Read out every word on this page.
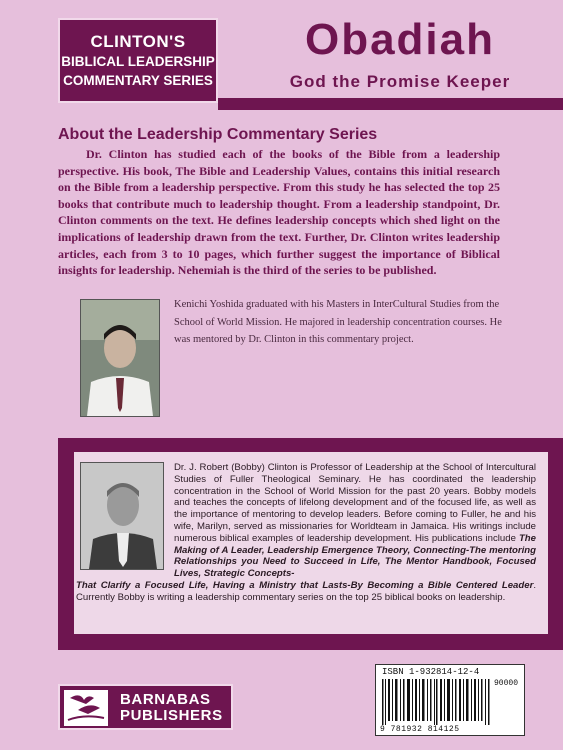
CLINTON'S
BIBLICAL LEADERSHIP
COMMENTARY SERIES
Obadiah
God the Promise Keeper
About the Leadership Commentary Series
Dr. Clinton has studied each of the books of the Bible from a leadership perspective. His book, The Bible and Leadership Values, contains this initial research on the Bible from a leadership perspective. From this study he has selected the top 25 books that contribute much to leadership thought. From a leadership standpoint, Dr. Clinton comments on the text. He defines leadership concepts which shed light on the implications of leadership drawn from the text. Further, Dr. Clinton writes leadership articles, each from 3 to 10 pages, which further suggest the importance of Biblical insights for leadership. Nehemiah is the third of the series to be published.
Kenichi Yoshida graduated with his Masters in InterCultural Studies from the School of World Mission. He majored in leadership concentration courses. He was mentored by Dr. Clinton in this commentary project.
Dr. J. Robert (Bobby) Clinton is Professor of Leadership at the School of Intercultural Studies of Fuller Theological Seminary. He has coordinated the leadership concentration in the School of World Mission for the past 20 years. Bobby models and teaches the concepts of lifelong development and of the focused life, as well as the importance of mentoring to develop leaders. Before coming to Fuller, he and his wife, Marilyn, served as missionaries for Worldteam in Jamaica. His writings include numerous biblical examples of leadership development. His publications include The Making of A Leader, Leadership Emergence Theory, Connecting-The mentoring Relationships you Need to Succeed in Life, The Mentor Handbook, Focused Lives, Strategic Concepts-
That Clarify a Focused Life, Having a Ministry that Lasts-By Becoming a Bible Centered Leader. Currently Bobby is writing a leadership commentary series on the top 25 biblical books on leadership.
ISBN 1-932814-12-4
90000
9 781932 814125
BARNABAS
PUBLISHERS
